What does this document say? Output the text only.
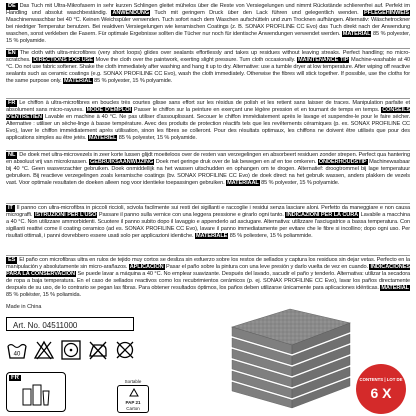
DE Das Tuch mit Ultra-Mikrofasern in sehr kurzen Schlingen gleitet mühelos über die Reste von Versiegelungen und nimmt Rückstände schlierenfrei auf. Perfekt im Handling und absolut waschbeständig. ANWENDUNG Tuch mit geringem Druck über den Lack führen und gelegentlich wenden. PFLEGEHINWEIS Maschinenwaschbar bei 40 °C. Keinen Weichspüler verwenden. Tuch sofort nach dem Waschen aufschütteln und zum Trocknen aufhängen. Alternativ: Wäschetrockner bei niedriger Temperatur benutzen. Bei reaktiven Versiegelungen wie keramischen Coatings (z. B. SONAX PROFILINE CC Evo) das Tuch direkt nach der Anwendung waschen, sonst verkleben die Fasern. Für optimale Ergebnisse sollten die Tücher nur noch für identische Anwendungen verwendet werden. MATERIAL 85 % polyester, 15 % polyamide.
EN The cloth with ultra-microfibres (very short loops) glides over sealants effortlessly and takes up residues without leaving streaks. Perfect handling; no micro-scratches. DIRECTIONS FOR USE Move the cloth over the paintwork, exerting slight pressure. Turn cloth occasionally. MAINTENANCE TIP Machine-washable at 40 °C. Do not use fabric softener. Shake the cloth immediately after washing and hang it up to dry. Alternative: use a tumble dryer at low temperature. After wiping off reactive sealants such as ceramic coatings (e.g. SONAX PROFILINE CC Evo), wash the cloth immediately. Otherwise the fibres will stick together. If possible, use the cloths for the same purpose only. MATERIAL 85 % polyester, 15 % polyamide.
FR Le chiffon à ultra-microfibres en boucles très courtes glisse sans effort sur les résidus de polish et les retient sans laisser de traces. Manipulation parfaite et absolument sans micro-rayures. MODE D'EMPLOI Passer le chiffon sur la peinture en exerçant une légère pression et en tournant de temps en temps. CONSEILS D'ENTRETIEN Lavable en machine à 40 °C. Ne pas utiliser d'assouplissant. Secouer le chiffon immédiatement après le lavage et suspendre-le pour le faire sécher. Alternative : utiliser un sèche-linge à basse température. Avec des produits de protection réactifs tels que les revêtements céramiques (p. ex. SONAX PROFILINE CC Evo), laver le chiffon immédiatement après utilisation, sinon les fibres se colleront. Pour des résultats optimaux, les chiffons ne doivent être utilisés que pour des applications simples au être jetés. MATÉRIEL 85 % polyester, 15 % polyamide.
NL De doek met ultra-microvezels in zeer korte lussen glijdt moeiteloos over de resten van verzegelingen en absorbeert residuen zonder strepen. Perfect qua hantering en absoluut vrij van microkrassen. GEBRUIKSAANWIJZING Doek met geringe druk over de lak bewegen en af en toe omkeren. ONDERHOUDSTIP Machinewasbaar bij 40 °C. Geen wasverzachter gebruiken. Doek onmiddellijk na het wassen uitschudden en ophangen om te drogen. Alternatief: droogtrommel bij lage temperatuur gebruiken. Bij reactieve verzegelingen zoals keramische coatings (bv. SONAX PROFILINE CC Evo) de doek direct na het gebruik wassen, anders plakken de vezels vast. Voor optimale resultaten de doeken alleen nog voor identieke toepassingen gebruiken. MATERIAAL 85 % polyester, 15 % polyamide.
IT Il panno con ultra-microfibra in piccoli riccioli, scivola facilmente sui resti dei sigillanti e raccoglie i residui senza lasciare aloni. Perfetto da maneggiare e non causa micrograffi. ISTRUZIONI PER L'USO Passare il panno sulla vernice con una leggera pressione e girarlo ogni tanto. INDICAZIONI PER LA CURA Lavabile a macchina a 40 °C. Non utilizzare ammorbidenti. Scuotere il panno subito dopo il lavaggio e appenderlo ad asciugare. Alternativa: utilizzare l'asciugatrice a bassa temperatura. Con sigillanti reattivi come il coating ceramico (ad es. SONAX PROFILINE CC Evo), lavare il panno immediatamente per evitare che le fibre si incollino; dopo ogni uso. Per risultati ottimali, i panni dovrebbero essere usati solo per applicazioni identiche. MATERIALE 85 % poliestere, 15 % poliammide.
ES El paño con microfibras ultra en rulos de tejido muy cortos se desliza sin esfuerzo sobre los restos de sellados y captura los residuos sin dejar vetas. Perfecto en la manipulación y absolutamente sin micro-arañazos. APLICACIÓN Pasar el paño sobre la pintura con una leve presión y darlo vuelta de vez en cuando. INDICACIONES PARA LA CONSERVACIÓN Se puede lavar a máquina a 40 °C. No emplear suavizante. Después del lavado, sacudir el paño y tenderlo. Alternativa: utilizar la secadora de ropa a baja temperatura. En el caso de sellados reactivos como los recubrimientos cerámicos (p. ej. SONAX PROFILINE CC Evo), lavar los paños directamente después de su uso, de lo contrario se pegan las fibras. Para obtener resultados óptimos, los paños deben utilizarse únicamente para aplicaciones idénticas. MATERIAL 85 % poliéster, 15 % poliamida.
Made in China
Art. No. 04511000
40
FR
Sortable
PAP 21
Carton
CONTENTS | LOT DE
6 X
